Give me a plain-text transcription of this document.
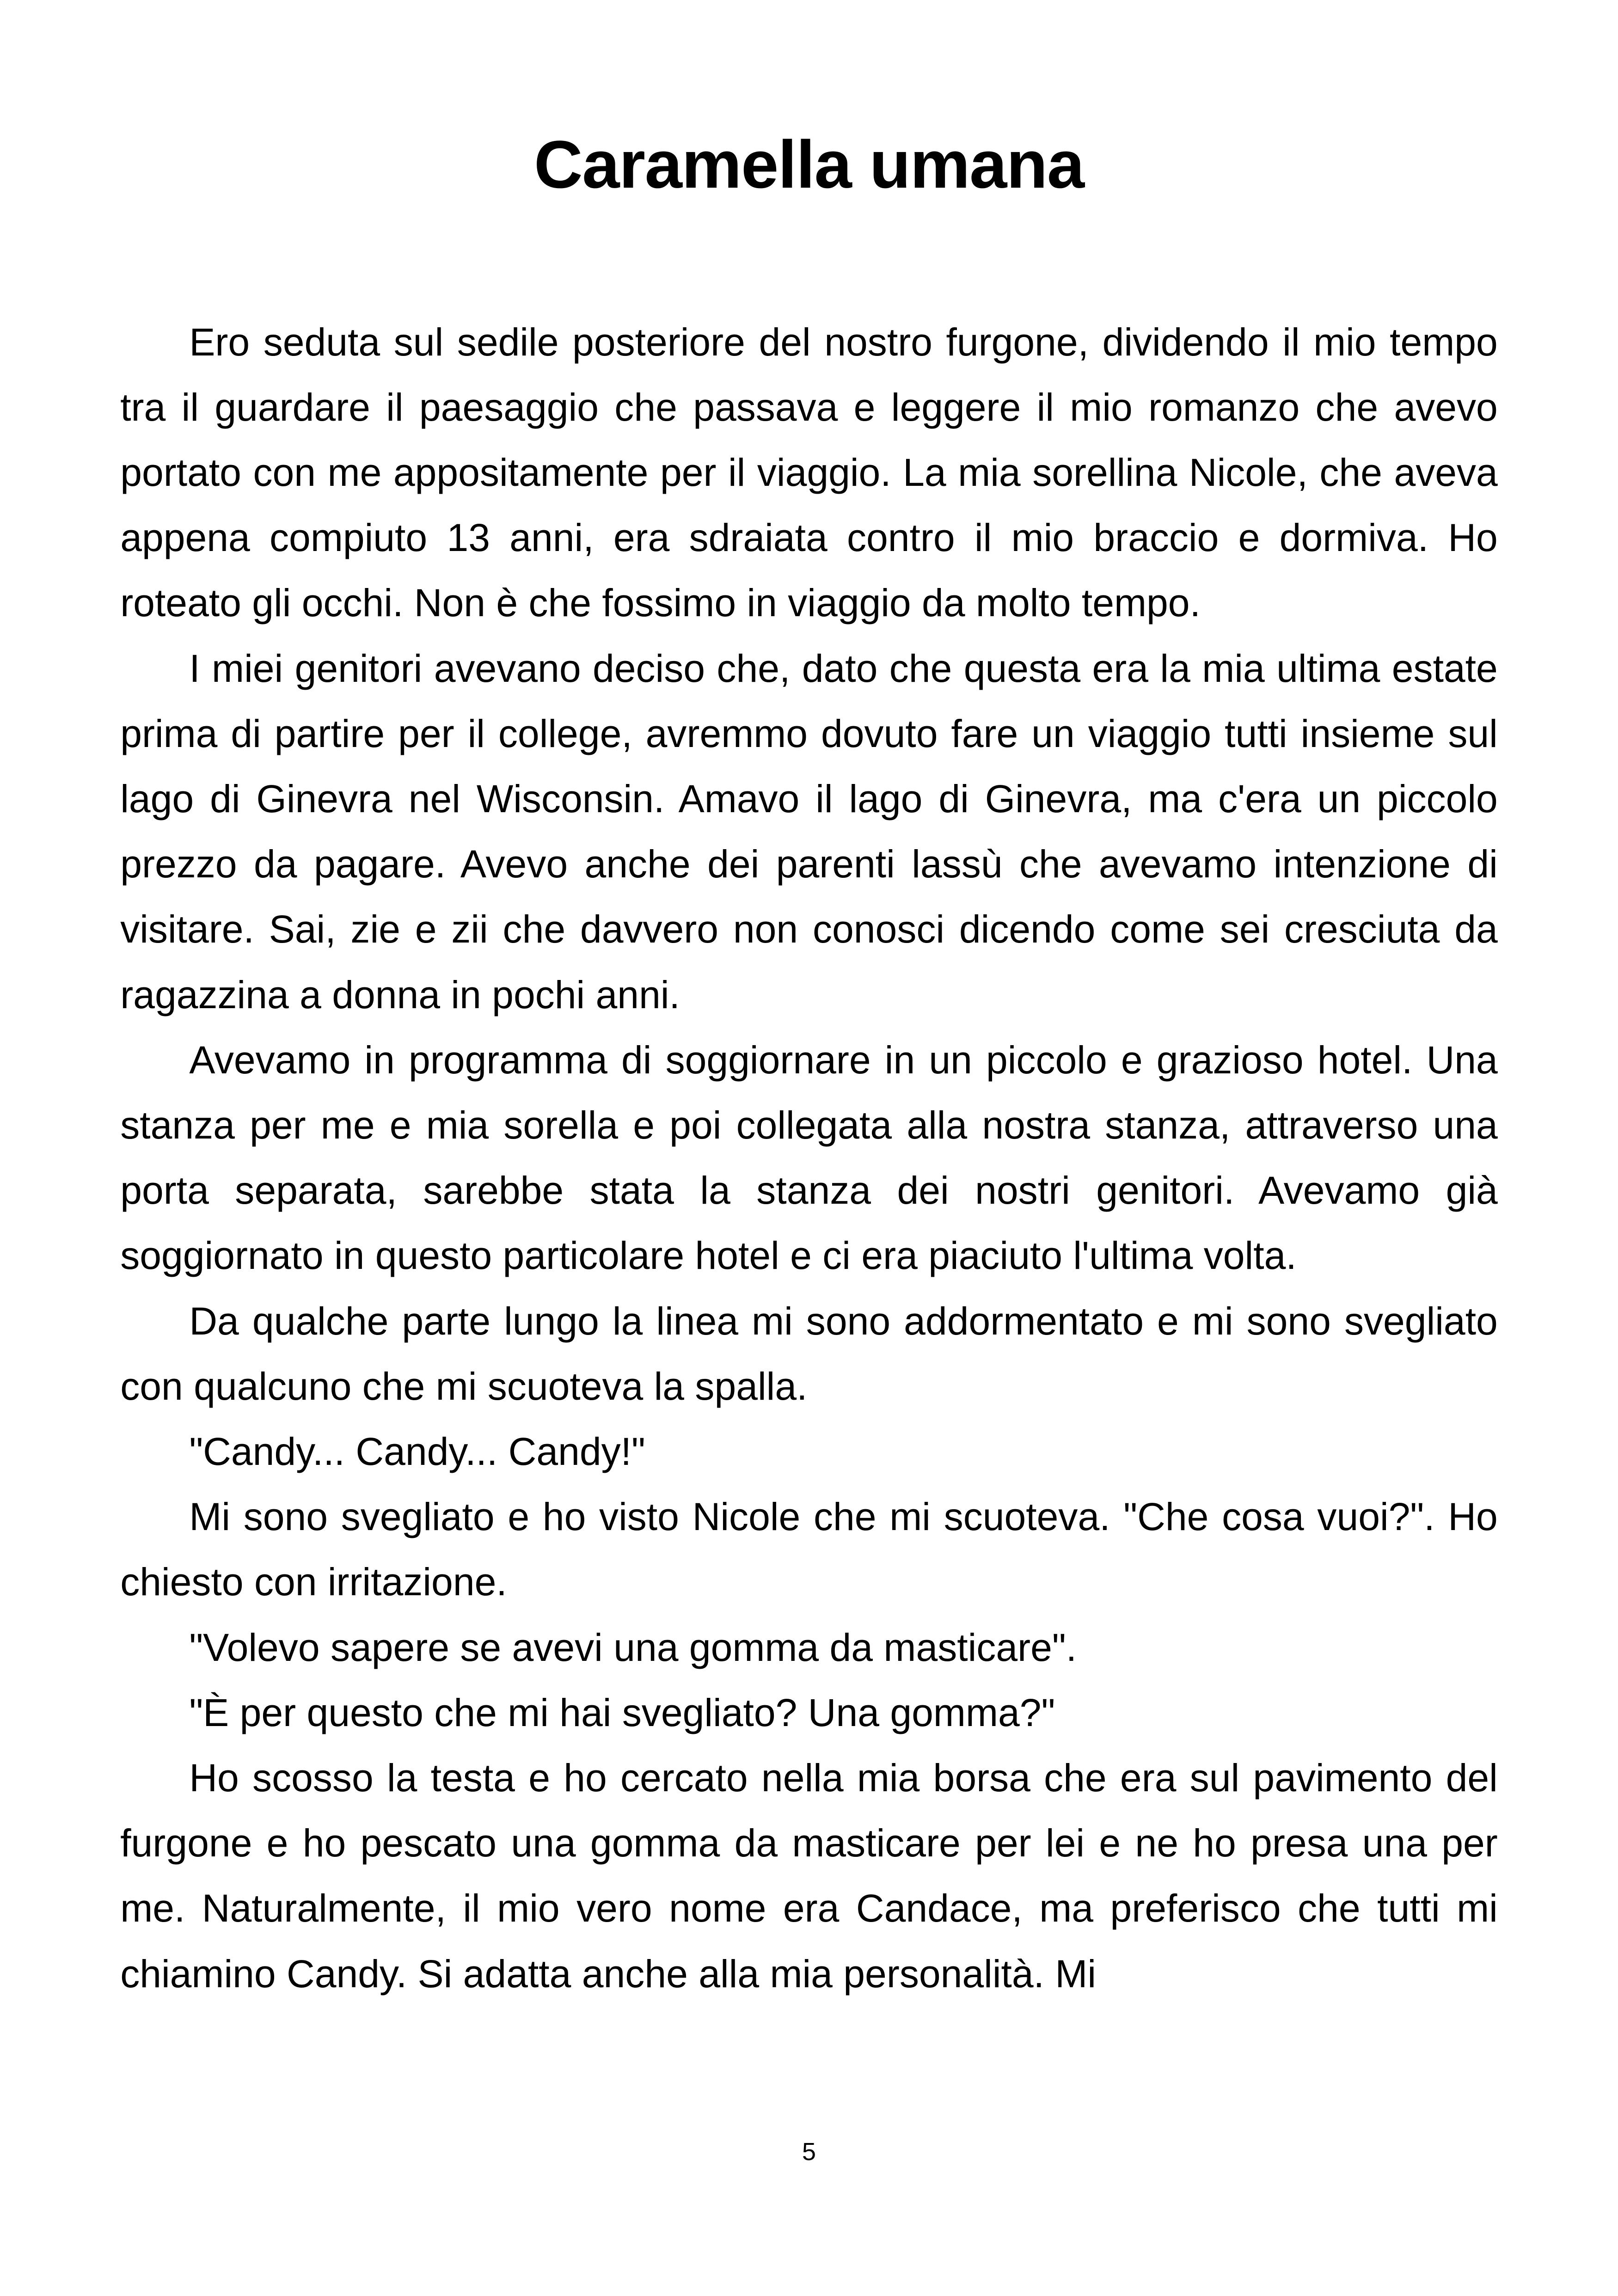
Caramella umana

Ero seduta sul sedile posteriore del nostro furgone, dividendo il mio tempo tra il guardare il paesaggio che passava e leggere il mio romanzo che avevo portato con me appositamente per il viaggio. La mia sorellina Nicole, che aveva appena compiuto 13 anni, era sdraiata contro il mio braccio e dormiva. Ho roteato gli occhi. Non è che fossimo in viaggio da molto tempo.

I miei genitori avevano deciso che, dato che questa era la mia ultima estate prima di partire per il college, avremmo dovuto fare un viaggio tutti insieme sul lago di Ginevra nel Wisconsin. Amavo il lago di Ginevra, ma c'era un piccolo prezzo da pagare. Avevo anche dei parenti lassù che avevamo intenzione di visitare. Sai, zie e zii che davvero non conosci dicendo come sei cresciuta da ragazzina a donna in pochi anni.

Avevamo in programma di soggiornare in un piccolo e grazioso hotel. Una stanza per me e mia sorella e poi collegata alla nostra stanza, attraverso una porta separata, sarebbe stata la stanza dei nostri genitori. Avevamo già soggiornato in questo particolare hotel e ci era piaciuto l'ultima volta.

Da qualche parte lungo la linea mi sono addormentato e mi sono svegliato con qualcuno che mi scuoteva la spalla.

"Candy... Candy... Candy!"

Mi sono svegliato e ho visto Nicole che mi scuoteva. "Che cosa vuoi?". Ho chiesto con irritazione.

"Volevo sapere se avevi una gomma da masticare".

"È per questo che mi hai svegliato? Una gomma?"

Ho scosso la testa e ho cercato nella mia borsa che era sul pavimento del furgone e ho pescato una gomma da masticare per lei e ne ho presa una per me. Naturalmente, il mio vero nome era Candace, ma preferisco che tutti mi chiamino Candy. Si adatta anche alla mia personalità. Mi

5
